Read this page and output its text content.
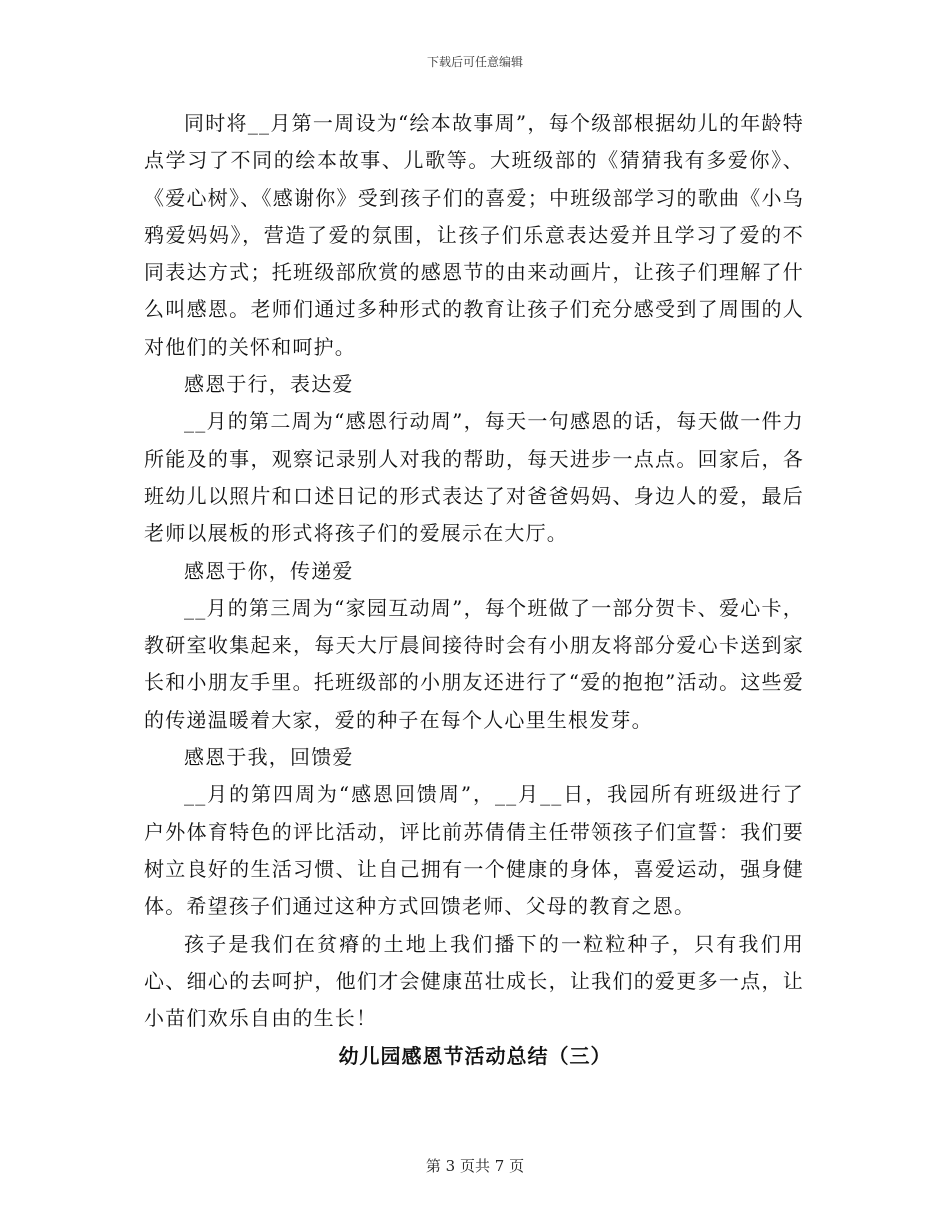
下载后可任意编辑

同时将__月第一周设为“绘本故事周”，每个级部根据幼儿的年龄特点学习了不同的绘本故事、儿歌等。大班级部的《猜猜我有多爱你》、《爱心树》、《感谢你》受到孩子们的喜爱；中班级部学习的歌曲《小乌鸦爱妈妈》，营造了爱的氛围，让孩子们乐意表达爱并且学习了爱的不同表达方式；托班级部欣赏的感恩节的由来动画片，让孩子们理解了什么叫感恩。老师们通过多种形式的教育让孩子们充分感受到了周围的人对他们的关怀和呵护。

感恩于行，表达爱

__月的第二周为“感恩行动周”，每天一句感恩的话，每天做一件力所能及的事，观察记录别人对我的帮助，每天进步一点点。回家后，各班幼儿以照片和口述日记的形式表达了对爸爸妈妈、身边人的爱，最后老师以展板的形式将孩子们的爱展示在大厅。

感恩于你，传递爱

__月的第三周为“家园互动周”，每个班做了一部分贺卡、爱心卡，教研室收集起来，每天大厅晨间接待时会有小朋友将部分爱心卡送到家长和小朋友手里。托班级部的小朋友还进行了“爱的抱抱”活动。这些爱的传递温暖着大家，爱的种子在每个人心里生根发芽。

感恩于我，回馈爱

__月的第四周为“感恩回馈周”，__月__日，我园所有班级进行了户外体育特色的评比活动，评比前苏倩倩主任带领孩子们宣誓：我们要树立良好的生活习惯、让自己拥有一个健康的身体，喜爱运动，强身健体。希望孩子们通过这种方式回馈老师、父母的教育之恩。

孩子是我们在贫瘠的土地上我们播下的一粒粒种子，只有我们用心、细心的去呵护，他们才会健康茁壮成长，让我们的爱更多一点，让小苗们欢乐自由的生长！

幼儿园感恩节活动总结（三）
第 3 页共 7 页
